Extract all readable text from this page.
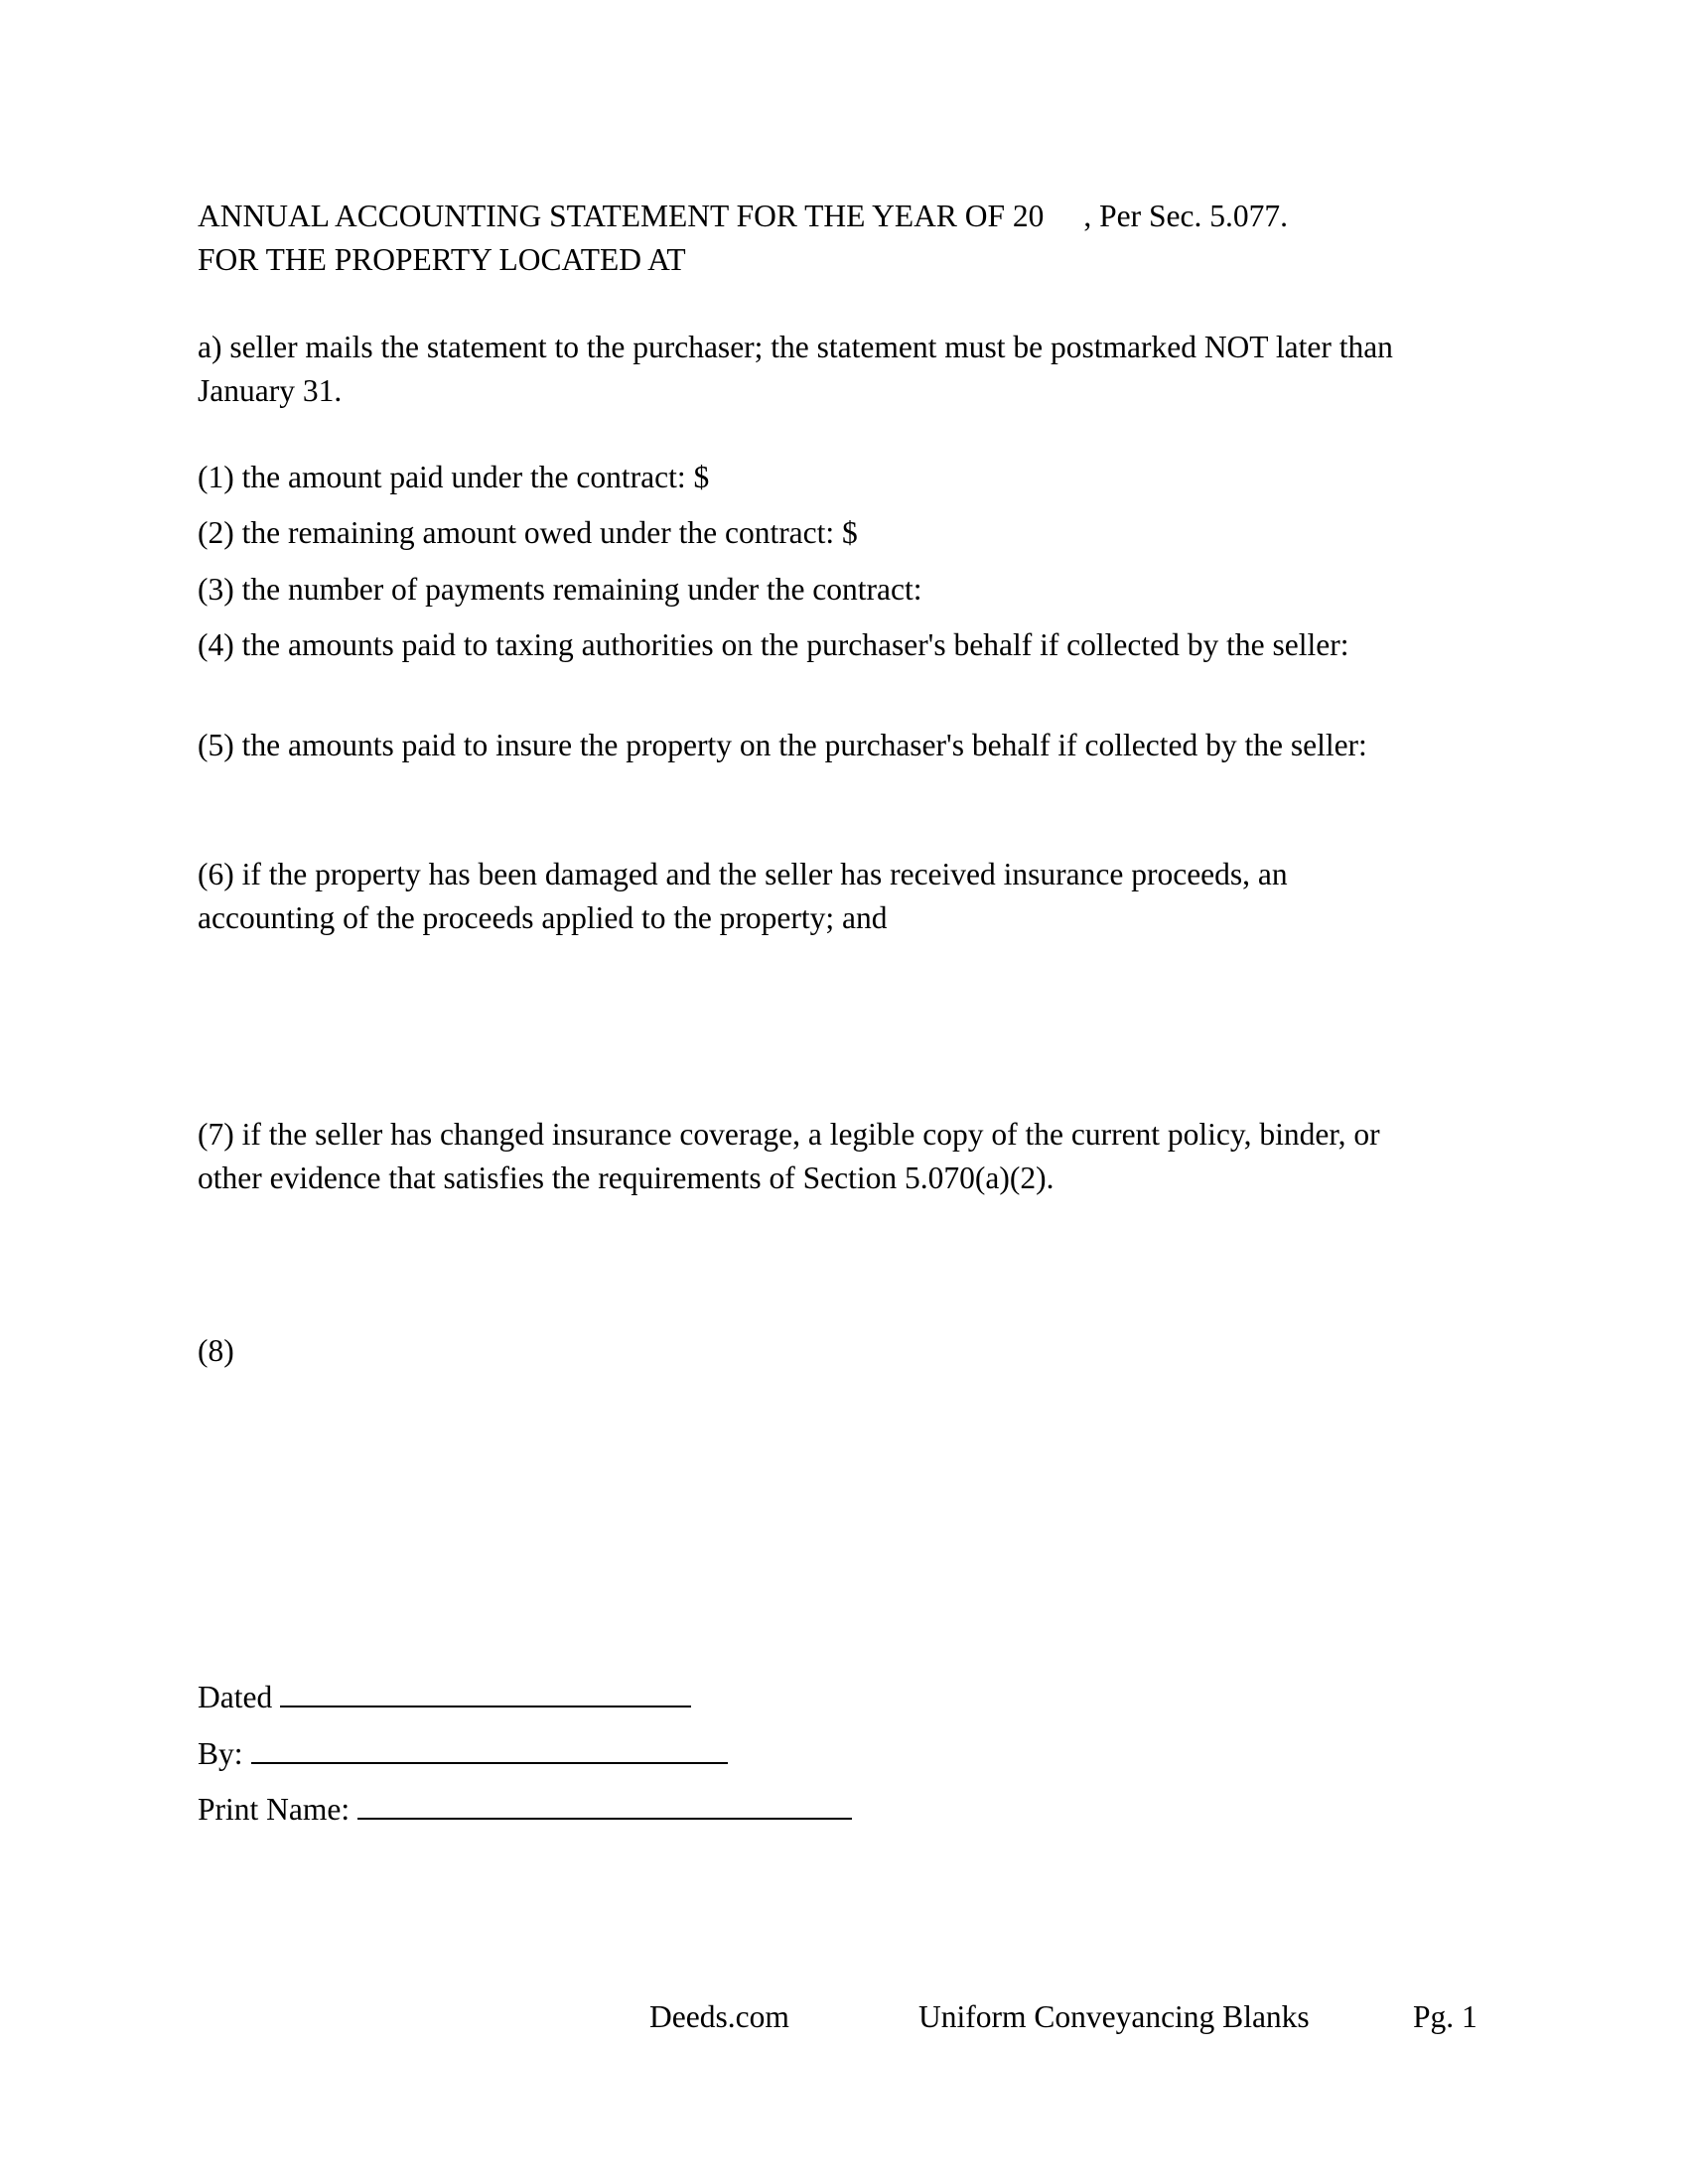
ANNUAL ACCOUNTING STATEMENT FOR THE YEAR OF 20 , Per Sec. 5.077.

FOR THE PROPERTY LOCATED AT

a) seller mails the statement to the purchaser; the statement must be postmarked NOT later than

January 31.

(1) the amount paid under the contract: $

(2) the remaining amount owed under the contract: $

(3) the number of payments remaining under the contract:

(4) the amounts paid to taxing authorities on the purchaser's behalf if collected by the seller:

(5) the amounts paid to insure the property on the purchaser's behalf if collected by the seller:

(6) if the property has been damaged and the seller has received insurance proceeds, an

accounting of the proceeds applied to the property; and

(7) if the seller has changed insurance coverage, a legible copy of the current policy, binder, or

other evidence that satisfies the requirements of Section 5.070(a)(2).

(8)

Dated

By:

Print Name:

Deeds.com	Uniform Conveyancing Blanks	Pg. 1
